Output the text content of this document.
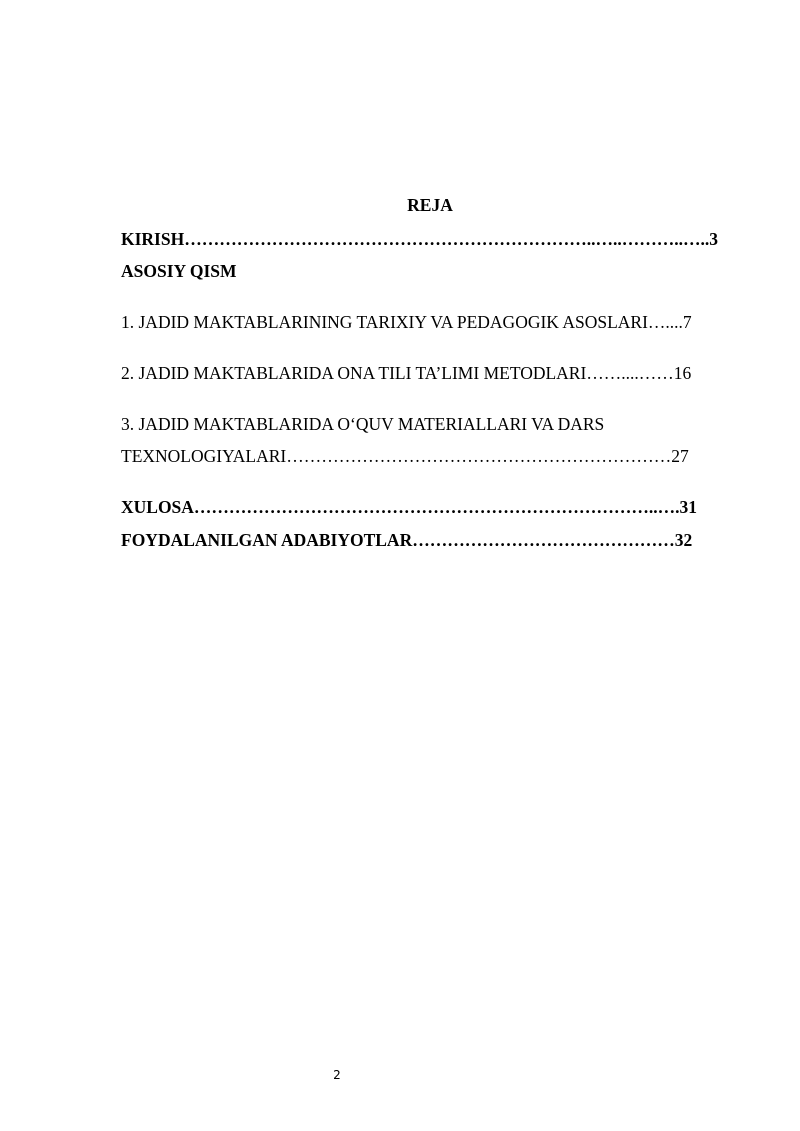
REJA
KIRISH……………………………………………………………..…..………..…..3
ASOSIY QISM
1. JADID MAKTABLARINING TARIXIY VA PEDAGOGIK ASOSLARI…....7
2. JADID MAKTABLARIDA ONA TILI TA’LIMI METODLARI……....……16
3. JADID MAKTABLARIDA O‘QUV MATERIALLARI VA DARS
TEXNOLOGIYALARI…………………………………………………………27
XULOSA……………………………………………………………………..….31
FOYDALANILGAN ADABIYOTLAR………………………………………32
2
